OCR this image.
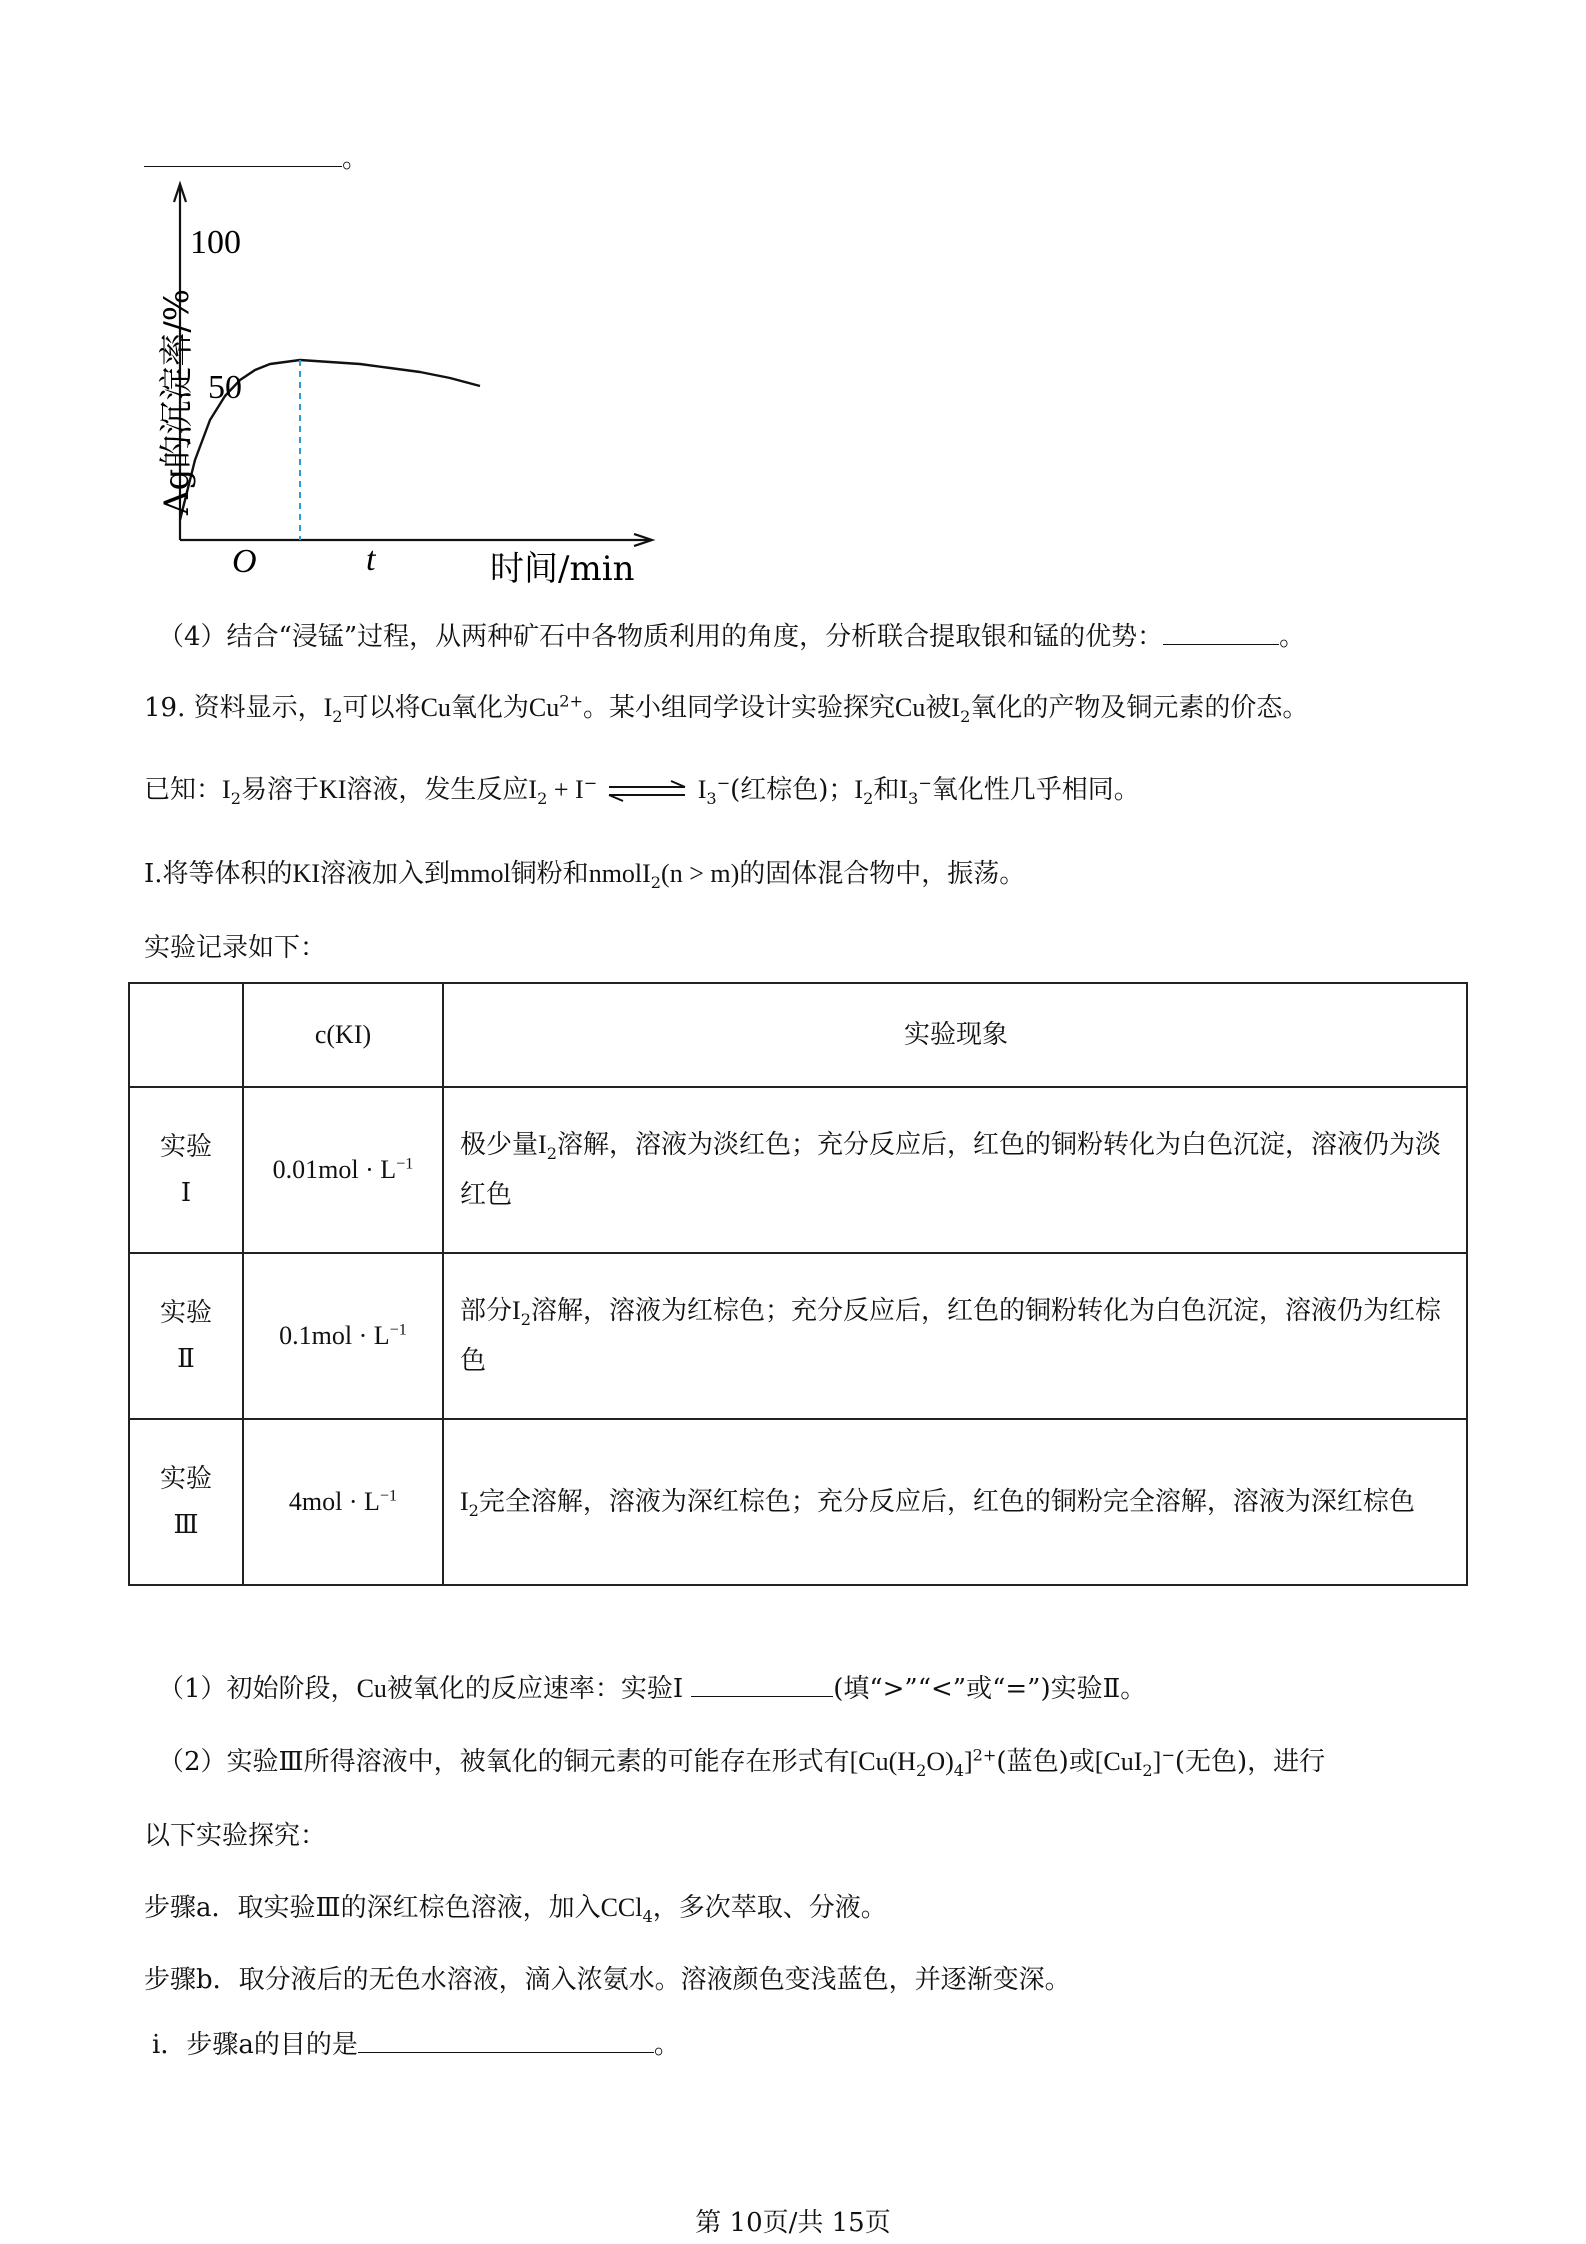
。
100
50
O	t	时间/min
Ag的沉淀率/%
（4）结合“浸锰”过程，从两种矿石中各物质利用的角度，分析联合提取银和锰的优势：	。
19. 资料显示，$I_2$可以将Cu氧化为$Cu^{2+}$。某小组同学设计实验探究Cu被$I_2$氧化的产物及铜元素的价态。
已知：$I_2$易溶于KI溶液，发生反应$I_2 + I^-$ ⇌ $I_3^-$(红棕色)；$I_2$和$I_3^-$氧化性几乎相同。
I.将等体积的KI溶液加入到mmol铜粉和nmolI$_2$(n > m)的固体混合物中，振荡。
实验记录如下：
	c(KI)	实验现象

实验
Ⅰ	$0.01mol \cdot L^{-1}$	极少量$I_2$溶解，溶液为淡红色；充分反应后，红色的铜粉转化为白色沉淀，溶液仍为淡红色

实验
Ⅱ	$0.1mol \cdot L^{-1}$	部分$I_2$溶解，溶液为红棕色；充分反应后，红色的铜粉转化为白色沉淀，溶液仍为红棕色

实验
Ⅲ	$4mol \cdot L^{-1}$	$I_2$完全溶解，溶液为深红棕色；充分反应后，红色的铜粉完全溶解，溶液为深红棕色
（1）初始阶段，Cu被氧化的反应速率：实验Ⅰ	(填“>”“<”或“=”)实验Ⅱ。
（2）实验Ⅲ所得溶液中，被氧化的铜元素的可能存在形式有$[Cu(H_2O)_4]^{2+}$(蓝色)或[CuI$_2$]−(无色)，进行
以下实验探究：
步骤a．取实验Ⅲ的深红棕色溶液，加入CCl$_4$，多次萃取、分液。
步骤b．取分液后的无色水溶液，滴入浓氨水。溶液颜色变浅蓝色，并逐渐变深。
ⅰ．步骤a的目的是	。
第 10页/共 15页
